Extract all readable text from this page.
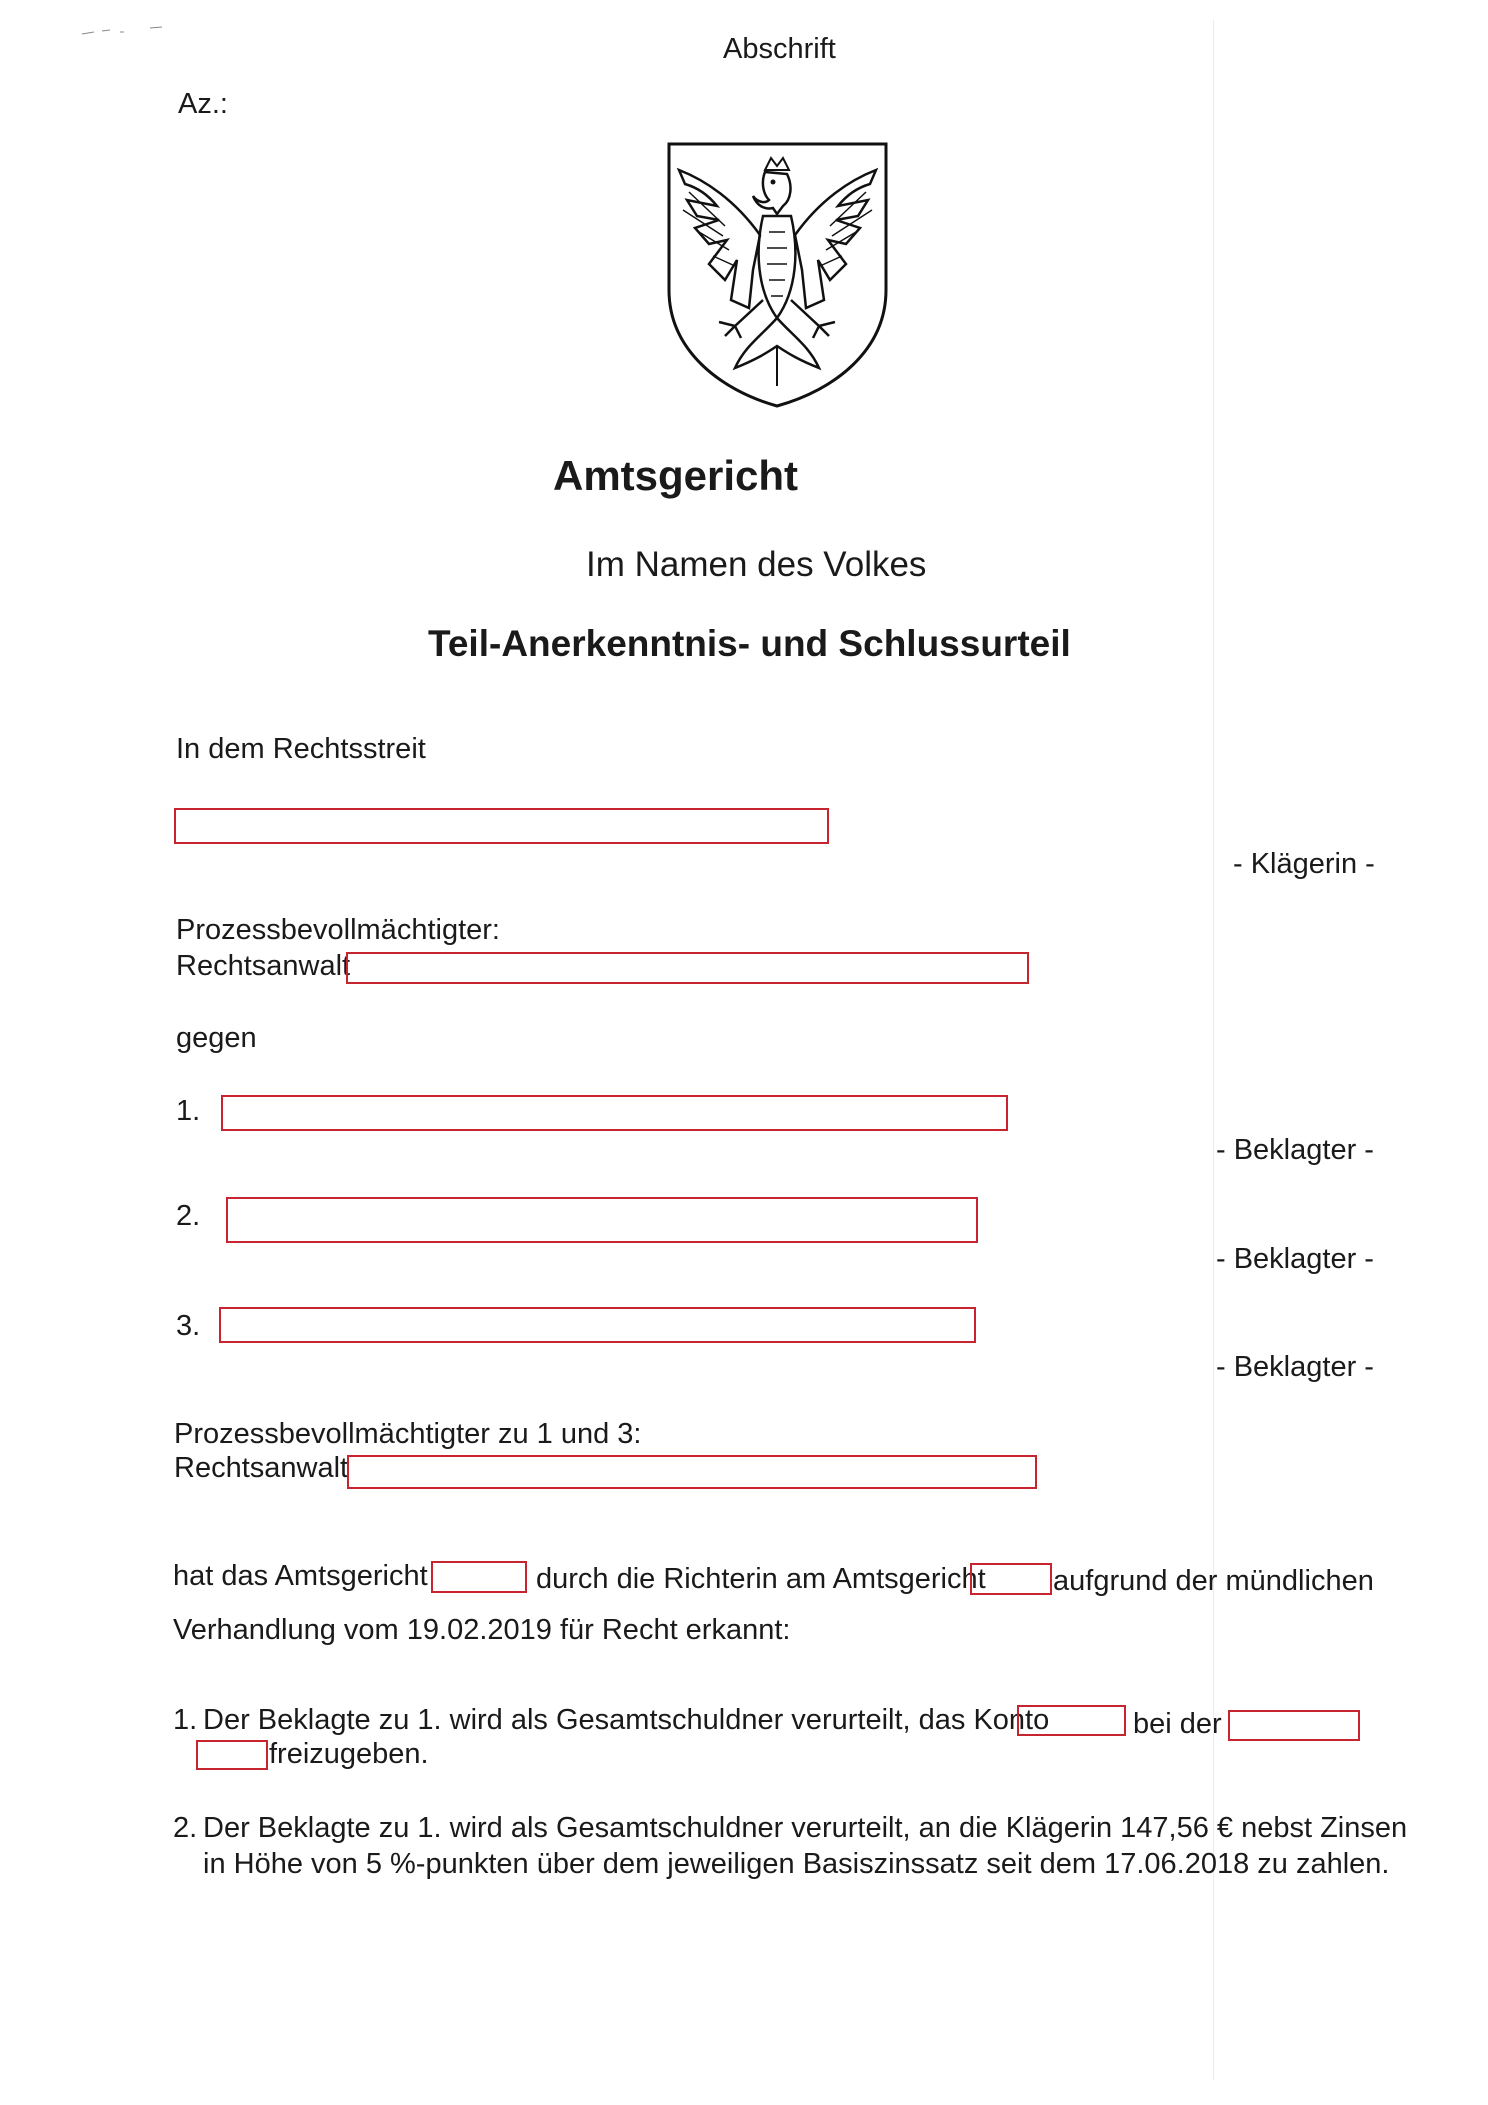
Abschrift
Az.:
Amtsgericht
Im Namen des Volkes
Teil-Anerkenntnis- und Schlussurteil
In dem Rechtsstreit
- Klägerin -
Prozessbevollmächtigter:
Rechtsanwalt
gegen
1.
- Beklagter -
2.
- Beklagter -
3.
- Beklagter -
Prozessbevollmächtigter zu 1 und 3:
Rechtsanwalt
hat das Amtsgericht	durch die Richterin am Amtsgericht aufgrund der mündlichen
Verhandlung vom 19.02.2019 für Recht erkannt:
1. Der Beklagte zu 1. wird als Gesamtschuldner verurteilt, das Konto	bei der
freizugeben.
2. Der Beklagte zu 1. wird als Gesamtschuldner verurteilt, an die Klägerin 147,56 € nebst Zinsen
in Höhe von 5 %-punkten über dem jeweiligen Basiszinssatz seit dem 17.06.2018 zu zahlen.
